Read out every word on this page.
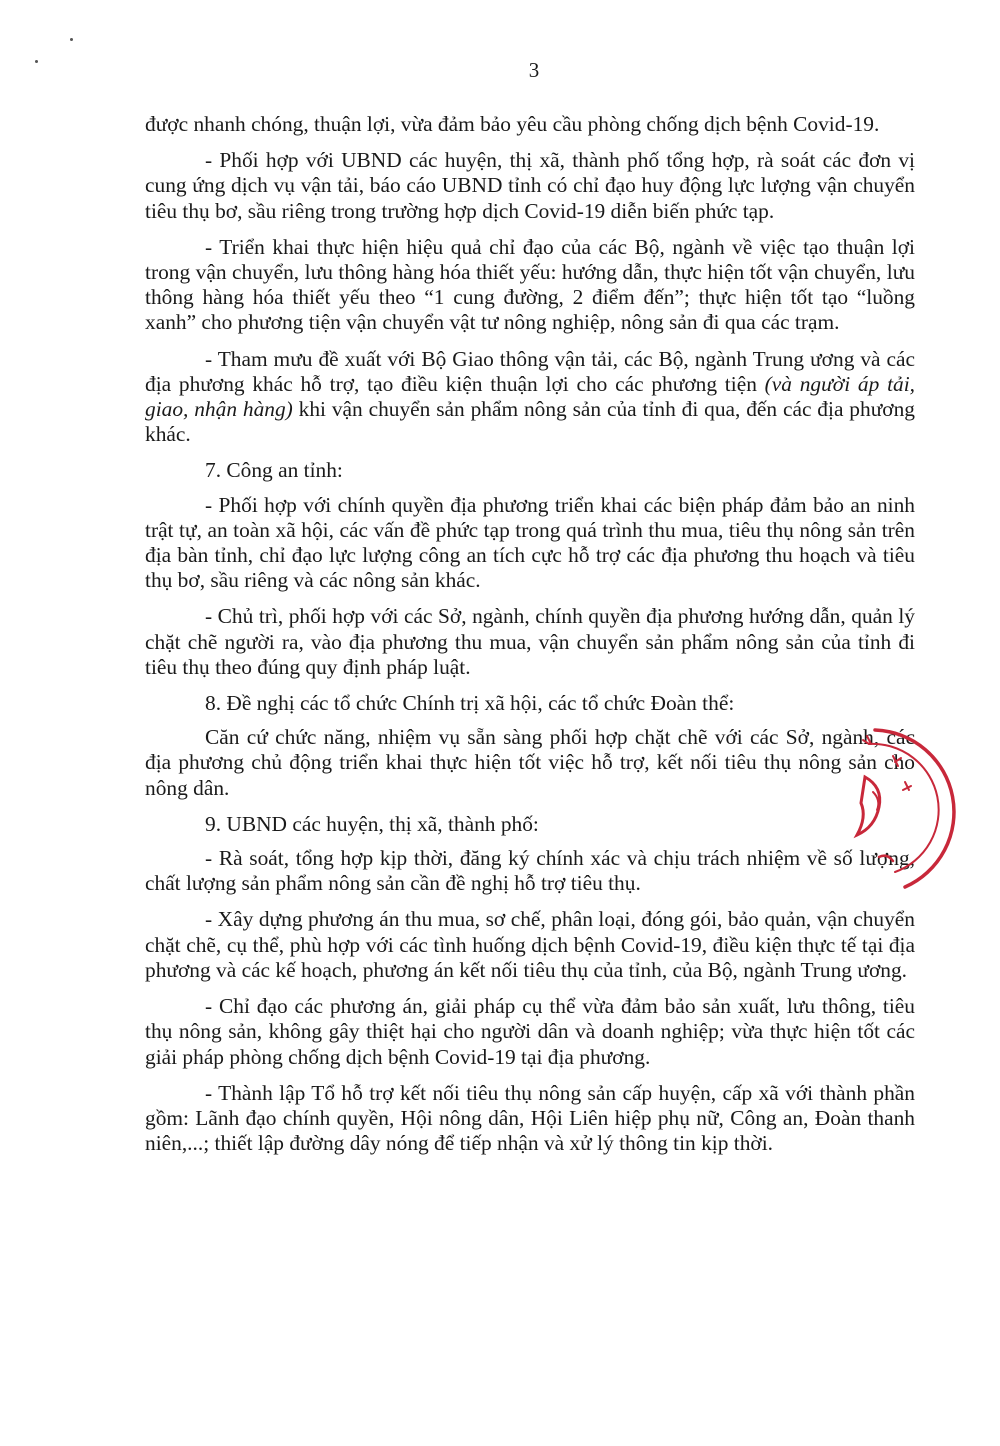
3

được nhanh chóng, thuận lợi, vừa đảm bảo yêu cầu phòng chống dịch bệnh Covid-19.

- Phối hợp với UBND các huyện, thị xã, thành phố tổng hợp, rà soát các đơn vị cung ứng dịch vụ vận tải, báo cáo UBND tỉnh có chỉ đạo huy động lực lượng vận chuyển tiêu thụ bơ, sầu riêng trong trường hợp dịch Covid-19 diễn biến phức tạp.

- Triển khai thực hiện hiệu quả chỉ đạo của các Bộ, ngành về việc tạo thuận lợi trong vận chuyển, lưu thông hàng hóa thiết yếu: hướng dẫn, thực hiện tốt vận chuyển, lưu thông hàng hóa thiết yếu theo “1 cung đường, 2 điểm đến”; thực hiện tốt tạo “luồng xanh” cho phương tiện vận chuyển vật tư nông nghiệp, nông sản đi qua các trạm.

- Tham mưu đề xuất với Bộ Giao thông vận tải, các Bộ, ngành Trung ương và các địa phương khác hỗ trợ, tạo điều kiện thuận lợi cho các phương tiện (và người áp tải, giao, nhận hàng) khi vận chuyển sản phẩm nông sản của tỉnh đi qua, đến các địa phương khác.

7. Công an tỉnh:

- Phối hợp với chính quyền địa phương triển khai các biện pháp đảm bảo an ninh trật tự, an toàn xã hội, các vấn đề phức tạp trong quá trình thu mua, tiêu thụ nông sản trên địa bàn tỉnh, chỉ đạo lực lượng công an tích cực hỗ trợ các địa phương thu hoạch và tiêu thụ bơ, sầu riêng và các nông sản khác.

- Chủ trì, phối hợp với các Sở, ngành, chính quyền địa phương hướng dẫn, quản lý chặt chẽ người ra, vào địa phương thu mua, vận chuyển sản phẩm nông sản của tỉnh đi tiêu thụ theo đúng quy định pháp luật.

8. Đề nghị các tổ chức Chính trị xã hội, các tổ chức Đoàn thể:

Căn cứ chức năng, nhiệm vụ sẵn sàng phối hợp chặt chẽ với các Sở, ngành, các địa phương chủ động triển khai thực hiện tốt việc hỗ trợ, kết nối tiêu thụ nông sản cho nông dân.

9. UBND các huyện, thị xã, thành phố:

- Rà soát, tổng hợp kịp thời, đăng ký chính xác và chịu trách nhiệm về số lượng, chất lượng sản phẩm nông sản cần đề nghị hỗ trợ tiêu thụ.

- Xây dựng phương án thu mua, sơ chế, phân loại, đóng gói, bảo quản, vận chuyển chặt chẽ, cụ thể, phù hợp với các tình huống dịch bệnh Covid-19, điều kiện thực tế tại địa phương và các kế hoạch, phương án kết nối tiêu thụ của tỉnh, của Bộ, ngành Trung ương.

- Chỉ đạo các phương án, giải pháp cụ thể vừa đảm bảo sản xuất, lưu thông, tiêu thụ nông sản, không gây thiệt hại cho người dân và doanh nghiệp; vừa thực hiện tốt các giải pháp phòng chống dịch bệnh Covid-19 tại địa phương.

- Thành lập Tổ hỗ trợ kết nối tiêu thụ nông sản cấp huyện, cấp xã với thành phần gồm: Lãnh đạo chính quyền, Hội nông dân, Hội Liên hiệp phụ nữ, Công an, Đoàn thanh niên,...; thiết lập đường dây nóng để tiếp nhận và xử lý thông tin kịp thời.
